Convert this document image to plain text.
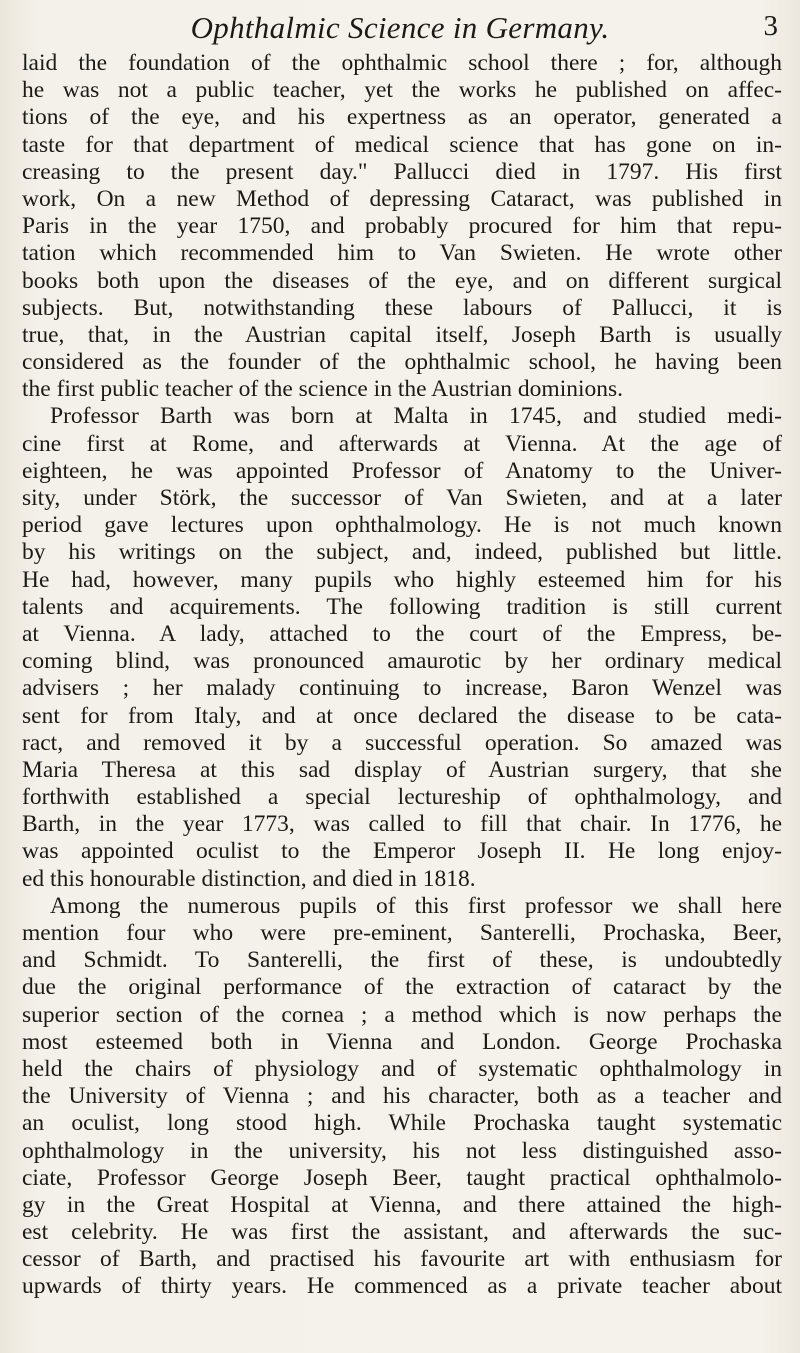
Ophthalmic Science in Germany.	3
laid the foundation of the ophthalmic school there ; for, although
he was not a public teacher, yet the works he published on affec-
tions of the eye, and his expertness as an operator, generated a
taste for that department of medical science that has gone on in-
creasing to the present day." Pallucci died in 1797. His first
work, On a new Method of depressing Cataract, was published in
Paris in the year 1750, and probably procured for him that repu-
tation which recommended him to Van Swieten. He wrote other
books both upon the diseases of the eye, and on different surgical
subjects. But, notwithstanding these labours of Pallucci, it is
true, that, in the Austrian capital itself, Joseph Barth is usually
considered as the founder of the ophthalmic school, he having been
the first public teacher of the science in the Austrian dominions.
Professor Barth was born at Malta in 1745, and studied medi-
cine first at Rome, and afterwards at Vienna. At the age of
eighteen, he was appointed Professor of Anatomy to the Univer-
sity, under Störk, the successor of Van Swieten, and at a later
period gave lectures upon ophthalmology. He is not much known
by his writings on the subject, and, indeed, published but little.
He had, however, many pupils who highly esteemed him for his
talents and acquirements. The following tradition is still current
at Vienna. A lady, attached to the court of the Empress, be-
coming blind, was pronounced amaurotic by her ordinary medical
advisers ; her malady continuing to increase, Baron Wenzel was
sent for from Italy, and at once declared the disease to be cata-
ract, and removed it by a successful operation. So amazed was
Maria Theresa at this sad display of Austrian surgery, that she
forthwith established a special lectureship of ophthalmology, and
Barth, in the year 1773, was called to fill that chair. In 1776, he
was appointed oculist to the Emperor Joseph II. He long enjoy-
ed this honourable distinction, and died in 1818.
Among the numerous pupils of this first professor we shall here
mention four who were pre-eminent, Santerelli, Prochaska, Beer,
and Schmidt. To Santerelli, the first of these, is undoubtedly
due the original performance of the extraction of cataract by the
superior section of the cornea ; a method which is now perhaps the
most esteemed both in Vienna and London. George Prochaska
held the chairs of physiology and of systematic ophthalmology in
the University of Vienna ; and his character, both as a teacher and
an oculist, long stood high. While Prochaska taught systematic
ophthalmology in the university, his not less distinguished asso-
ciate, Professor George Joseph Beer, taught practical ophthalmolo-
gy in the Great Hospital at Vienna, and there attained the high-
est celebrity. He was first the assistant, and afterwards the suc-
cessor of Barth, and practised his favourite art with enthusiasm for
upwards of thirty years. He commenced as a private teacher about
